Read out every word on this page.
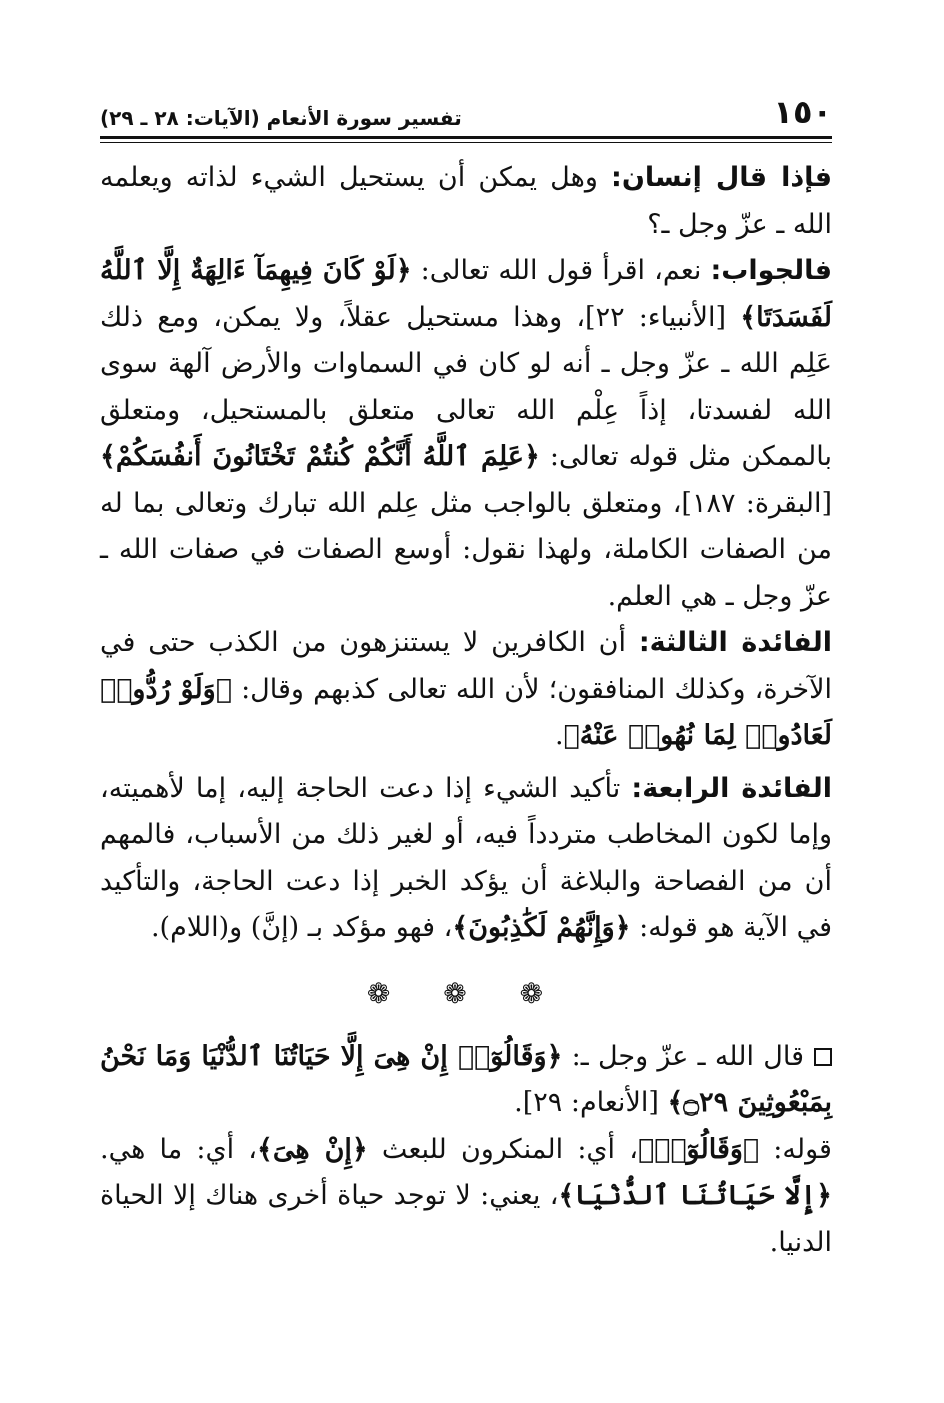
١٥٠
تفسير سورة الأنعام (الآيات: ٢٨ ـ ٢٩)

فإذا قال إنسان: وهل يمكن أن يستحيل الشيء لذاته ويعلمه الله ـ عزّ وجل ـ؟

فالجواب: نعم، اقرأ قول الله تعالى: ﴿لَوْ كَانَ فِيهِمَآ ءَالِهَةٌ إِلَّا ٱللَّهُ لَفَسَدَتَا﴾ [الأنبياء: ٢٢]، وهذا مستحيل عقلاً، ولا يمكن، ومع ذلك عَلِم الله ـ عزّ وجل ـ أنه لو كان في السماوات والأرض آلهة سوى الله لفسدتا، إذاً عِلْم الله تعالى متعلق بالمستحيل، ومتعلق بالممكن مثل قوله تعالى: ﴿عَلِمَ ٱللَّهُ أَنَّكُمْ كُنتُمْ تَخْتَانُونَ أَنفُسَكُمْ﴾ [البقرة: ١٨٧]، ومتعلق بالواجب مثل عِلم الله تبارك وتعالى بما له من الصفات الكاملة، ولهذا نقول: أوسع الصفات في صفات الله ـ عزّ وجل ـ هي العلم.

الفائدة الثالثة: أن الكافرين لا يستنزهون من الكذب حتى في الآخرة، وكذلك المنافقون؛ لأن الله تعالى كذبهم وقال: ﴿وَلَوْ رُدُّوا۟ لَعَادُوا۟ لِمَا نُهُوا۟ عَنْهُ﴾.

الفائدة الرابعة: تأكيد الشيء إذا دعت الحاجة إليه، إما لأهميته، وإما لكون المخاطب متردداً فيه، أو لغير ذلك من الأسباب، فالمهم أن من الفصاحة والبلاغة أن يؤكد الخبر إذا دعت الحاجة، والتأكيد في الآية هو قوله: ﴿وَإِنَّهُمْ لَكَٰذِبُونَ﴾، فهو مؤكد بـ (إنَّ) و(اللام).

❁ ❁ ❁

قال الله ـ عزّ وجل ـ: ﴿وَقَالُوٓا۟ إِنْ هِىَ إِلَّا حَيَاتُنَا ٱلدُّنْيَا وَمَا نَحْنُ بِمَبْعُوثِينَ ۝٢٩﴾ [الأنعام: ٢٩].

قوله: ﴿وَقَالُوٓا۟﴾، أي: المنكرون للبعث ﴿إِنْ هِىَ﴾، أي: ما هي. ﴿إِلَّا حَيَاتُنَا ٱلدُّنْيَا﴾، يعني: لا توجد حياة أخرى هناك إلا الحياة الدنيا.
